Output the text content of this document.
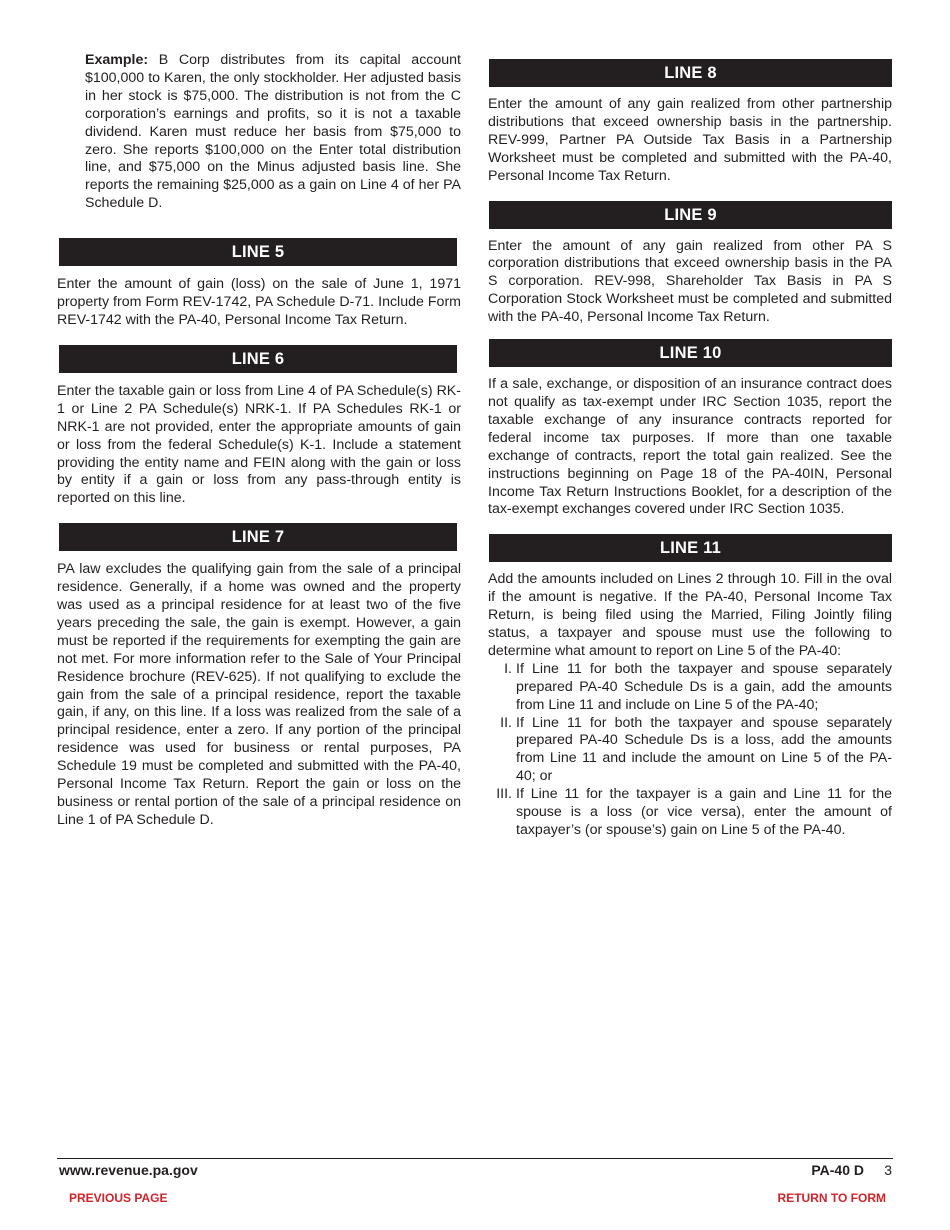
Example: B Corp distributes from its capital account $100,000 to Karen, the only stockholder. Her adjusted basis in her stock is $75,000. The distribution is not from the C corporation’s earnings and profits, so it is not a taxable dividend. Karen must reduce her basis from $75,000 to zero. She reports $100,000 on the Enter total distribution line, and $75,000 on the Minus adjusted basis line. She reports the remaining $25,000 as a gain on Line 4 of her PA Schedule D.

LINE 5

Enter the amount of gain (loss) on the sale of June 1, 1971 property from Form REV-1742, PA Schedule D-71. Include Form REV-1742 with the PA-40, Personal Income Tax Return.

LINE 6

Enter the taxable gain or loss from Line 4 of PA Schedule(s) RK-1 or Line 2 PA Schedule(s) NRK-1. If PA Schedules RK-1 or NRK-1 are not provided, enter the appropriate amounts of gain or loss from the federal Schedule(s) K-1. Include a statement providing the entity name and FEIN along with the gain or loss by entity if a gain or loss from any pass-through entity is reported on this line.

LINE 7

PA law excludes the qualifying gain from the sale of a principal residence. Generally, if a home was owned and the property was used as a principal residence for at least two of the five years preceding the sale, the gain is exempt. However, a gain must be reported if the requirements for exempting the gain are not met. For more information refer to the Sale of Your Principal Residence brochure (REV-625). If not qualifying to exclude the gain from the sale of a principal residence, report the taxable gain, if any, on this line. If a loss was realized from the sale of a principal residence, enter a zero. If any portion of the principal residence was used for business or rental purposes, PA Schedule 19 must be completed and submitted with the PA-40, Personal Income Tax Return. Report the gain or loss on the business or rental portion of the sale of a principal residence on Line 1 of PA Schedule D.

LINE 8

Enter the amount of any gain realized from other partnership distributions that exceed ownership basis in the partnership. REV-999, Partner PA Outside Tax Basis in a Partnership Worksheet must be completed and submitted with the PA-40, Personal Income Tax Return.

LINE 9

Enter the amount of any gain realized from other PA S corporation distributions that exceed ownership basis in the PA S corporation. REV-998, Shareholder Tax Basis in PA S Corporation Stock Worksheet must be completed and submitted with the PA-40, Personal Income Tax Return.

LINE 10

If a sale, exchange, or disposition of an insurance contract does not qualify as tax-exempt under IRC Section 1035, report the taxable exchange of any insurance contracts reported for federal income tax purposes. If more than one taxable exchange of contracts, report the total gain realized. See the instructions beginning on Page 18 of the PA-40IN, Personal Income Tax Return Instructions Booklet, for a description of the tax-exempt exchanges covered under IRC Section 1035.

LINE 11

Add the amounts included on Lines 2 through 10. Fill in the oval if the amount is negative. If the PA-40, Personal Income Tax Return, is being filed using the Married, Filing Jointly filing status, a taxpayer and spouse must use the following to determine what amount to report on Line 5 of the PA-40:

I. If Line 11 for both the taxpayer and spouse separately prepared PA-40 Schedule Ds is a gain, add the amounts from Line 11 and include on Line 5 of the PA-40;
II. If Line 11 for both the taxpayer and spouse separately prepared PA-40 Schedule Ds is a loss, add the amounts from Line 11 and include the amount on Line 5 of the PA-40; or
III. If Line 11 for the taxpayer is a gain and Line 11 for the spouse is a loss (or vice versa), enter the amount of taxpayer’s (or spouse’s) gain on Line 5 of the PA-40.
www.revenue.pa.gov	PA-40 D 3
PREVIOUS PAGE	RETURN TO FORM
